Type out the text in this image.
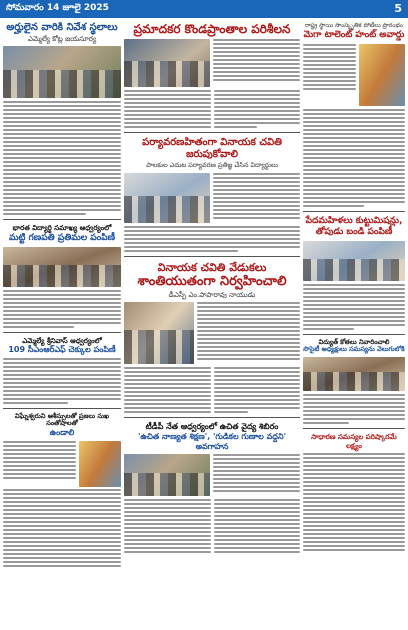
సోమవారం 14 జూలై 2025	5
అర్హులైన వారికి నివేశ స్థలాలు
ఎమ్మెల్యే కోట్ల జయసూర్య
భారత విద్యార్థి సమాఖ్య ఆధ్వర్యంలో
మట్టి గణపతి ప్రతిమల పంపిణీ
ఎమ్మెల్యే శ్రీనివాస్ ఆధ్వర్యంలో
109 సీఎంఆర్ఎఫ్ చెక్కుల పంపిణీ
విఘ్నేశ్వరుని ఆశీస్సులతో ప్రజలు సుఖ సంతోషాలతో
ఉండాలి
ప్రమాదకర కొండప్రాంతాల పరిశీలన
పర్యావరణహితంగా వినాయక చవితి జరుపుకోవాలి
పాలకుల ఎదుట పర్యావరణ ప్రతిజ్ఞ చేసిన విద్యార్థులు
వినాయక చవితి వేడుకలు
శాంతియుతంగా నిర్వహించాలి
డీఎస్పీ ఎం.పాపారావు నాయుడు
టీడీపీ నేత ఆధ్వర్యంలో ఉచిత వైద్య శిబిరం
'ఉచిత నాణ్యత శిక్షణ', 'గుడికల గుణాల వద్దని' అవగాహన
రాష్ట్ర స్థాయి సాంస్కృతిక పోటీలు ప్రారంభం
మెగా టాలెంట్ హంట్ అవార్డు
పేదమహిళలు కుట్టుమిషన్లు,
తోపుడు బండి పంపిణీ
విద్యుత్ కోతలు నివారించాలి
సొసైటీ అధ్యక్షులు సమస్యను వెలుగులోకి
సాధారణ సమస్యల పరిష్కారమే లక్ష్యం
